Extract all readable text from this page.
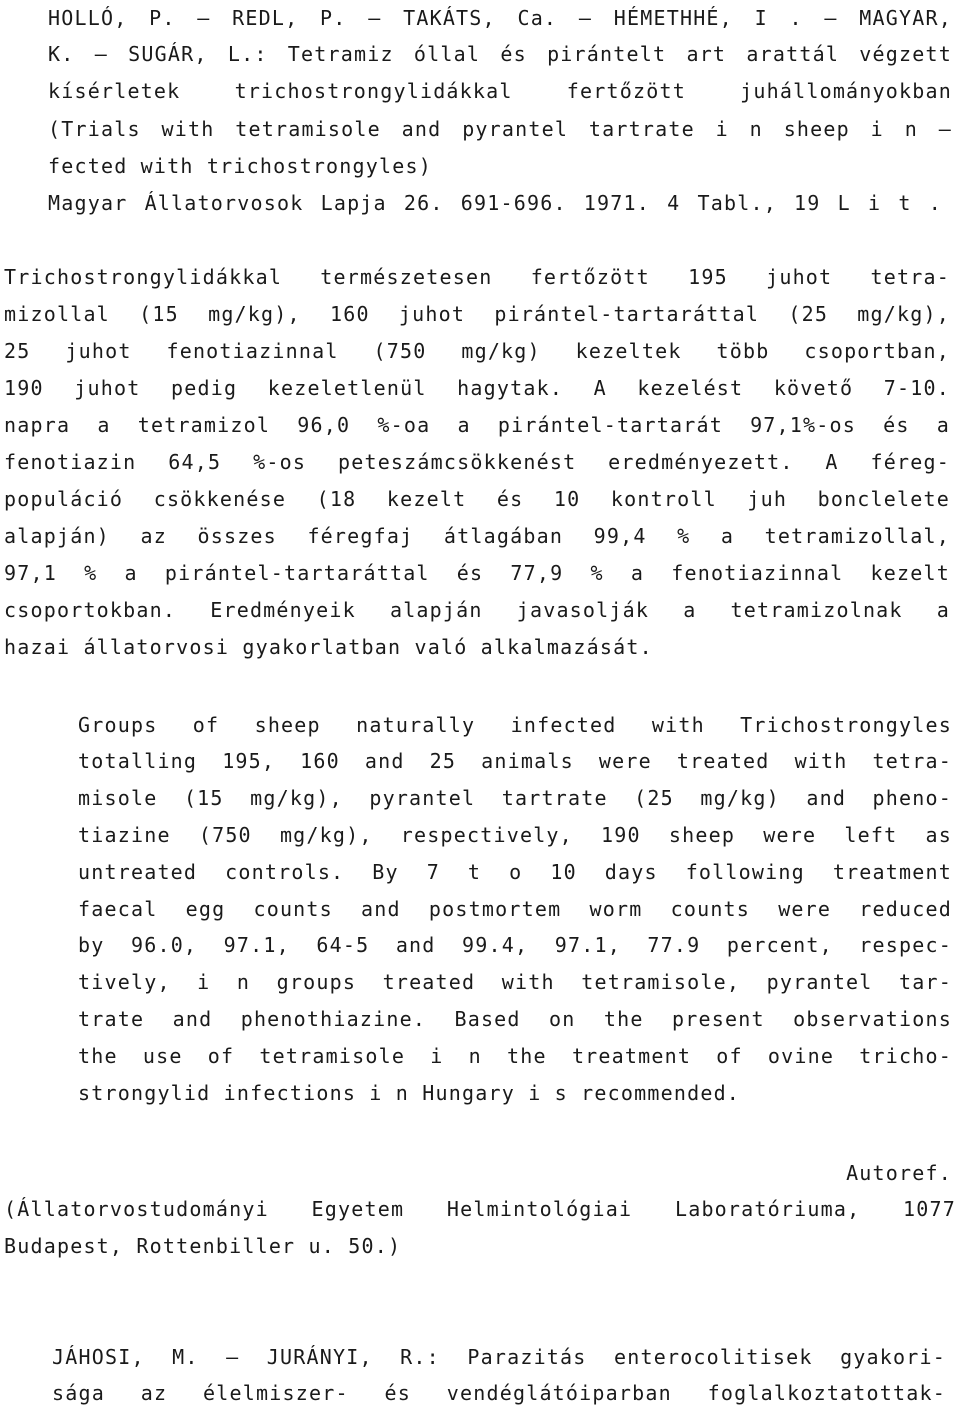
HOLLÓ, P. – REDL, P. – TAKÁTS, Ca. – HÉMETHHÉ, I . – MAGYAR,
K. – SUGÁR, L.: Tetramiz óllal és pirántelt art arattál végzett
kísérletek trichostrongylidákkal fertőzött juhállományokban
(Trials with tetramisole and pyrantel tartrate i n sheep i n –
fected with trichostrongyles)
Magyar Állatorvosok Lapja 26. 691-696. 1971. 4 Tabl., 19 L i t .
Trichostrongylidákkal természetesen fertőzött 195 juhot tetra-
mizollal (15 mg/kg), 160 juhot pirántel-tartaráttal (25 mg/kg),
25 juhot fenotiazinnal (750 mg/kg) kezeltek több csoportban,
190 juhot pedig kezeletlenül hagytak. A kezelést követő 7-10.
napra a tetramizol 96,0 %-oa a pirántel-tartarát 97,1%-os és a
fenotiazin 64,5 %-os peteszámcsökkenést eredményezett. A féreg-
populáció csökkenése (18 kezelt és 10 kontroll juh bonclelete
alapján) az összes féregfaj átlagában 99,4 % a tetramizollal,
97,1 % a pirántel-tartaráttal és 77,9 % a fenotiazinnal kezelt
csoportokban. Eredményeik alapján javasolják a tetramizolnak a
hazai állatorvosi gyakorlatban való alkalmazását.
Groups of sheep naturally infected with Trichostrongyles
totalling 195, 160 and 25 animals were treated with tetra-
misole (15 mg/kg), pyrantel tartrate (25 mg/kg) and pheno-
tiazine (750 mg/kg), respectively, 190 sheep were left as
untreated controls. By 7 t o 10 days following treatment
faecal egg counts and postmortem worm counts were reduced
by 96.0, 97.1, 64-5 and 99.4, 97.1, 77.9 percent, respec-
tively, i n groups treated with tetramisole, pyrantel tar-
trate and phenothiazine. Based on the present observations
the use of tetramisole i n the treatment of ovine tricho-
strongylid infections i n Hungary i s recommended.
Autoref.
(Állatorvostudományi Egyetem Helmintológiai Laboratóriuma, 1077
Budapest, Rottenbiller u. 50.)
JÁHOSI, M. – JURÁNYI, R.: Parazitás enterocolitisek gyakori-
sága az élelmiszer- és vendéglátóiparban foglalkoztatottak-
